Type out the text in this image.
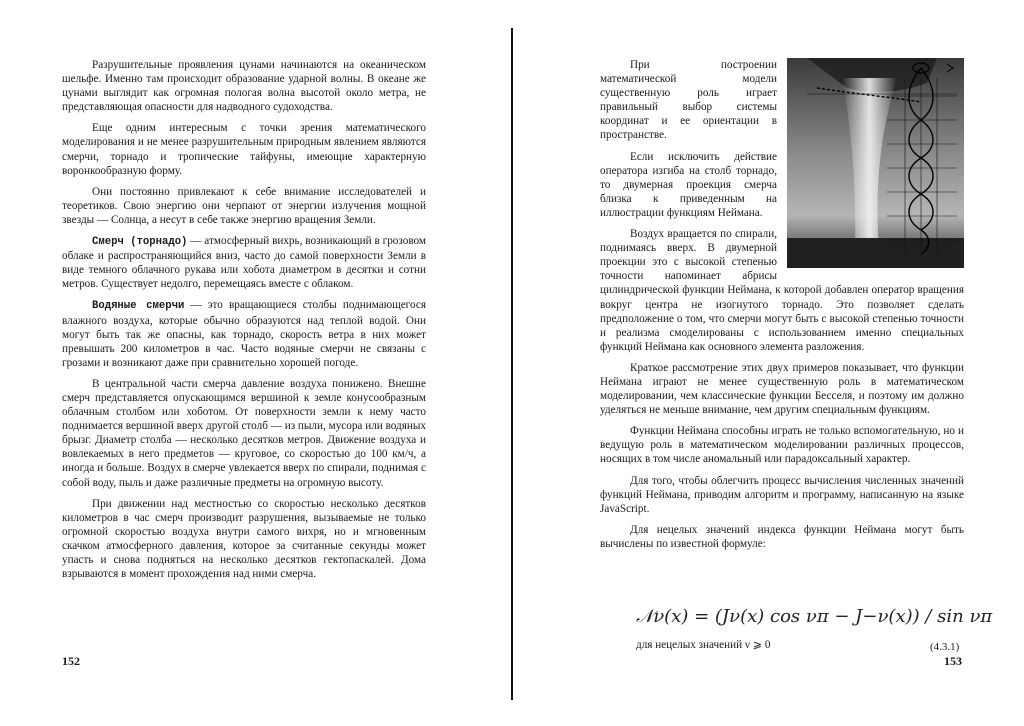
Разрушительные проявления цунами начинаются на океаническом шельфе. Именно там происходит образование ударной волны. В океане же цунами выглядит как огромная пологая волна высотой около метра, не представляющая опасности для надводного судоходства.

Еще одним интересным с точки зрения математического моделирования и не менее разрушительным природным явлением являются смерчи, торнадо и тропические тайфуны, имеющие характерную воронкообразную форму.

Они постоянно привлекают к себе внимание исследователей и теоретиков. Свою энергию они черпают от энергии излучения мощной звезды — Солнца, а несут в себе также энергию вращения Земли.

Смерч (торнадо) — атмосферный вихрь, возникающий в грозовом облаке и распространяющийся вниз, часто до самой поверхности Земли в виде темного облачного рукава или хобота диаметром в десятки и сотни метров. Существует недолго, перемещаясь вместе с облаком.

Водяные смерчи — это вращающиеся столбы поднимающегося влажного воздуха, которые обычно образуются над теплой водой. Они могут быть так же опасны, как торнадо, скорость ветра в них может превышать 200 километров в час. Часто водяные смерчи не связаны с грозами и возникают даже при сравнительно хорошей погоде.

В центральной части смерча давление воздуха понижено. Внешне смерч представляется опускающимся вершиной к земле конусообразным облачным столбом или хоботом. От поверхности земли к нему часто поднимается вершиной вверх другой столб — из пыли, мусора или водяных брызг. Диаметр столба — несколько десятков метров. Движение воздуха и вовлекаемых в него предметов — круговое, со скоростью до 100 км/ч, а иногда и больше. Воздух в смерче увлекается вверх по спирали, поднимая с собой воду, пыль и даже различные предметы на огромную высоту.

При движении над местностью со скоростью несколько десятков километров в час смерч производит разрушения, вызываемые не только огромной скоростью воздуха внутри самого вихря, но и мгновенным скачком атмосферного давления, которое за считанные секунды может упасть и снова подняться на несколько десятков гектопаскалей. Дома взрываются в момент прохождения над ними смерча.

152

При построении математической модели существенную роль играет правильный выбор системы координат и ее ориентации в пространстве.

Если исключить действие оператора изгиба на столб торнадо, то двумерная проекция смерча близка к приведенным на иллюстрации функциям Неймана.

Воздух вращается по спирали, поднимаясь вверх. В двумерной проекции это с высокой степенью точности напоминает абрисы цилиндрической функции Неймана, к которой добавлен оператор вращения вокруг центра не изогнутого торнадо. Это позволяет сделать предположение о том, что смерчи могут быть с высокой степенью точности и реализма смоделированы с использованием именно специальных функций Неймана как основного элемента разложения.

Краткое рассмотрение этих двух примеров показывает, что функции Неймана играют не менее существенную роль в математическом моделировании, чем классические функции Бесселя, и поэтому им должно уделяться не меньше внимание, чем другим специальным функциям.

Функции Неймана способны играть не только вспомогательную, но и ведущую роль в математическом моделировании различных процессов, носящих в том числе аномальный или парадоксальный характер.

Для того, чтобы облегчить процесс вычисления численных значений функций Неймана, приводим алгоритм и программу, написанную на языке JavaScript.

Для нецелых значений индекса функции Неймана могут быть вычислены по известной формуле:

𝒩ν(x) = (Jν(x) cos νπ − J−ν(x)) / sin νπ
для нецелых значений ν ⩾ 0	(4.3.1)
153
